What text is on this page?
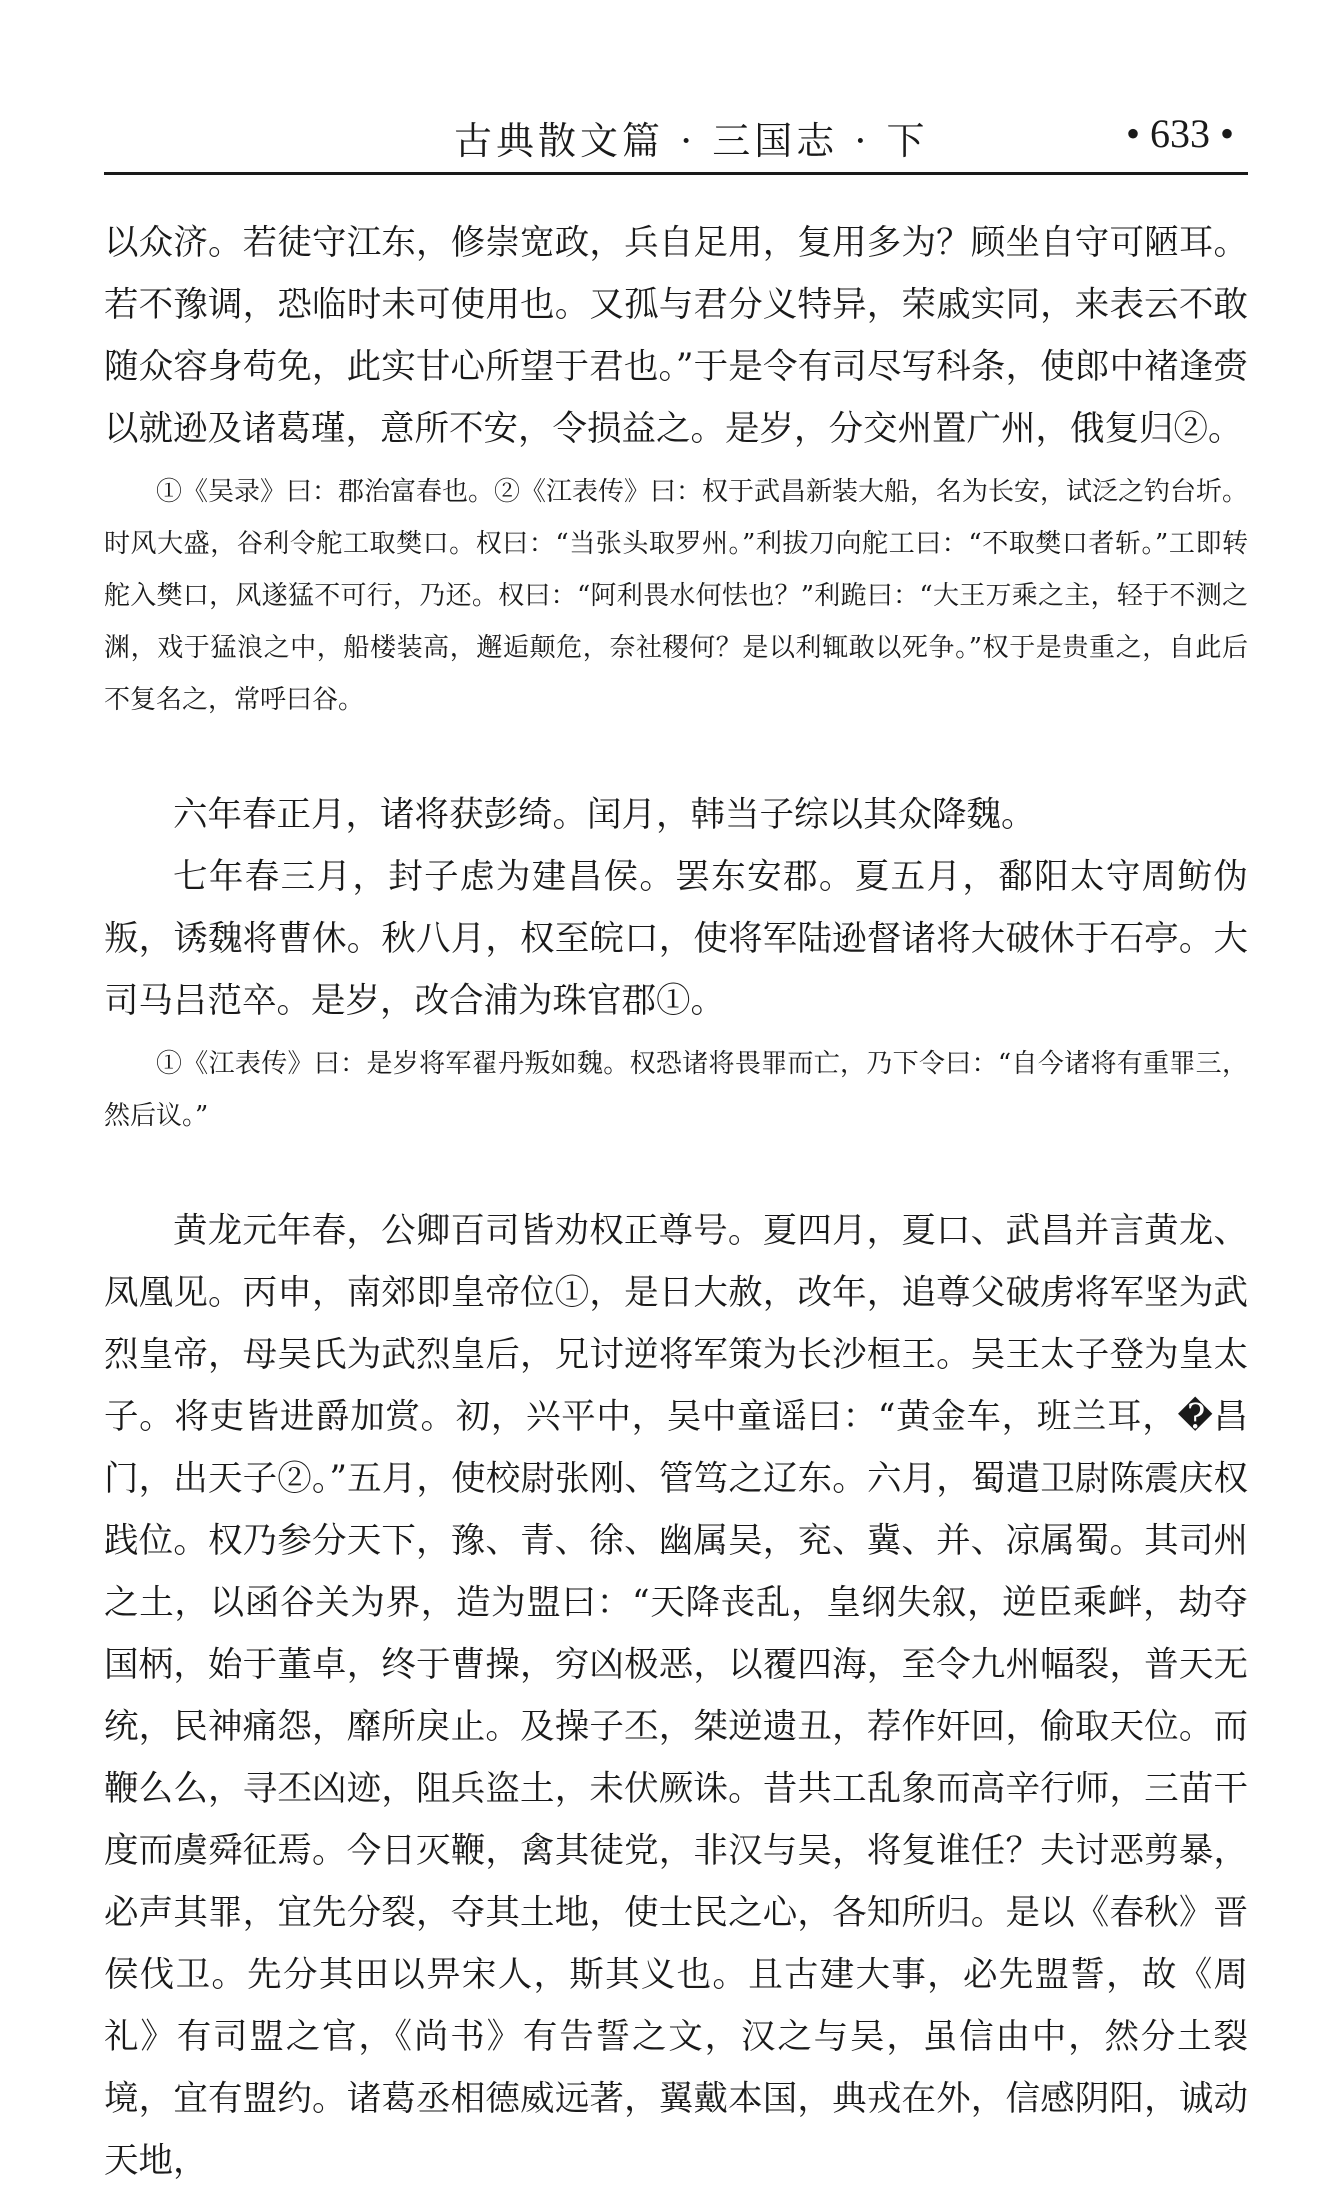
古典散文篇 · 三国志 · 下	• 633 •

以众济。若徒守江东，修崇宽政，兵自足用，复用多为？顾坐自守可陋耳。若不豫调，恐临时未可使用也。又孤与君分义特异，荣戚实同，来表云不敢随众容身苟免，此实甘心所望于君也。”于是令有司尽写科条，使郎中褚逢赍以就逊及诸葛瑾，意所不安，令损益之。是岁，分交州置广州，俄复归②。

①《吴录》曰：郡治富春也。②《江表传》曰：权于武昌新装大船，名为长安，试泛之钓台圻。时风大盛，谷利令舵工取樊口。权曰：“当张头取罗州。”利拔刀向舵工曰：“不取樊口者斩。”工即转舵入樊口，风遂猛不可行，乃还。权曰：“阿利畏水何怯也？”利跪曰：“大王万乘之主，轻于不测之渊，戏于猛浪之中，船楼装高，邂逅颠危，奈社稷何？是以利辄敢以死争。”权于是贵重之，自此后不复名之，常呼曰谷。

六年春正月，诸将获彭绮。闰月，韩当子综以其众降魏。

七年春三月，封子虑为建昌侯。罢东安郡。夏五月，鄱阳太守周鲂伪叛，诱魏将曹休。秋八月，权至皖口，使将军陆逊督诸将大破休于石亭。大司马吕范卒。是岁，改合浦为珠官郡①。

①《江表传》曰：是岁将军翟丹叛如魏。权恐诸将畏罪而亡，乃下令曰：“自今诸将有重罪三，然后议。”

黄龙元年春，公卿百司皆劝权正尊号。夏四月，夏口、武昌并言黄龙、凤凰见。丙申，南郊即皇帝位①，是日大赦，改年，追尊父破虏将军坚为武烈皇帝，母吴氏为武烈皇后，兄讨逆将军策为长沙桓王。吴王太子登为皇太子。将吏皆进爵加赏。初，兴平中，吴中童谣曰：“黄金车，班兰耳，�昌门，出天子②。”五月，使校尉张刚、管笃之辽东。六月，蜀遣卫尉陈震庆权践位。权乃参分天下，豫、青、徐、幽属吴，兖、冀、并、凉属蜀。其司州之土，以函谷关为界，造为盟曰：“天降丧乱，皇纲失叙，逆臣乘衅，劫夺国柄，始于董卓，终于曹操，穷凶极恶，以覆四海，至令九州幅裂，普天无统，民神痛怨，靡所戾止。及操子丕，桀逆遗丑，荐作奸回，偷取天位。而鞭么么，寻丕凶迹，阻兵盗土，未伏厥诛。昔共工乱象而高辛行师，三苗干度而虞舜征焉。今日灭鞭，禽其徒党，非汉与吴，将复谁任？夫讨恶剪暴，必声其罪，宜先分裂，夺其土地，使士民之心，各知所归。是以《春秋》晋侯伐卫。先分其田以畀宋人，斯其义也。且古建大事，必先盟誓，故《周礼》有司盟之官，《尚书》有告誓之文，汉之与吴，虽信由中，然分土裂境，宜有盟约。诸葛丞相德威远著，翼戴本国，典戎在外，信感阴阳，诚动天地，
